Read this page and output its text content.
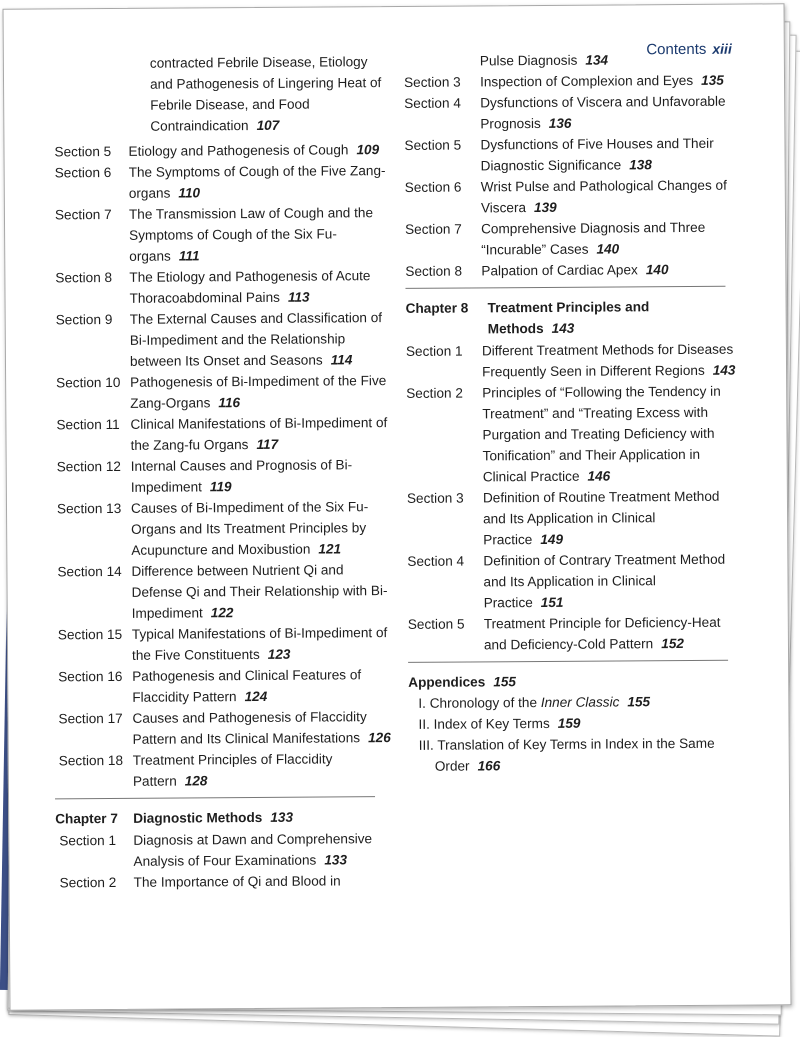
Contents xiii
contracted Febrile Disease, Etiology and Pathogenesis of Lingering Heat of Febrile Disease, and Food Contraindication 107
Section 5 Etiology and Pathogenesis of Cough 109
Section 6 The Symptoms of Cough of the Five Zang-organs 110
Section 7 The Transmission Law of Cough and the Symptoms of Cough of the Six Fu-organs 111
Section 8 The Etiology and Pathogenesis of Acute Thoracoabdominal Pains 113
Section 9 The External Causes and Classification of Bi-Impediment and the Relationship between Its Onset and Seasons 114
Section 10 Pathogenesis of Bi-Impediment of the Five Zang-Organs 116
Section 11 Clinical Manifestations of Bi-Impediment of the Zang-fu Organs 117
Section 12 Internal Causes and Prognosis of Bi-Impediment 119
Section 13 Causes of Bi-Impediment of the Six Fu-Organs and Its Treatment Principles by Acupuncture and Moxibustion 121
Section 14 Difference between Nutrient Qi and Defense Qi and Their Relationship with Bi-Impediment 122
Section 15 Typical Manifestations of Bi-Impediment of the Five Constituents 123
Section 16 Pathogenesis and Clinical Features of Flaccidity Pattern 124
Section 17 Causes and Pathogenesis of Flaccidity Pattern and Its Clinical Manifestations 126
Section 18 Treatment Principles of Flaccidity Pattern 128
Chapter 7 Diagnostic Methods 133
Section 1 Diagnosis at Dawn and Comprehensive Analysis of Four Examinations 133
Section 2 The Importance of Qi and Blood in
Pulse Diagnosis 134
Section 3 Inspection of Complexion and Eyes 135
Section 4 Dysfunctions of Viscera and Unfavorable Prognosis 136
Section 5 Dysfunctions of Five Houses and Their Diagnostic Significance 138
Section 6 Wrist Pulse and Pathological Changes of Viscera 139
Section 7 Comprehensive Diagnosis and Three “Incurable” Cases 140
Section 8 Palpation of Cardiac Apex 140
Chapter 8 Treatment Principles and Methods 143
Section 1 Different Treatment Methods for Diseases Frequently Seen in Different Regions 143
Section 2 Principles of “Following the Tendency in Treatment” and “Treating Excess with Purgation and Treating Deficiency with Tonification” and Their Application in Clinical Practice 146
Section 3 Definition of Routine Treatment Method and Its Application in Clinical Practice 149
Section 4 Definition of Contrary Treatment Method and Its Application in Clinical Practice 151
Section 5 Treatment Principle for Deficiency-Heat and Deficiency-Cold Pattern 152
Appendices 155
I. Chronology of the Inner Classic 155
II. Index of Key Terms 159
III. Translation of Key Terms in Index in the Same Order 166
